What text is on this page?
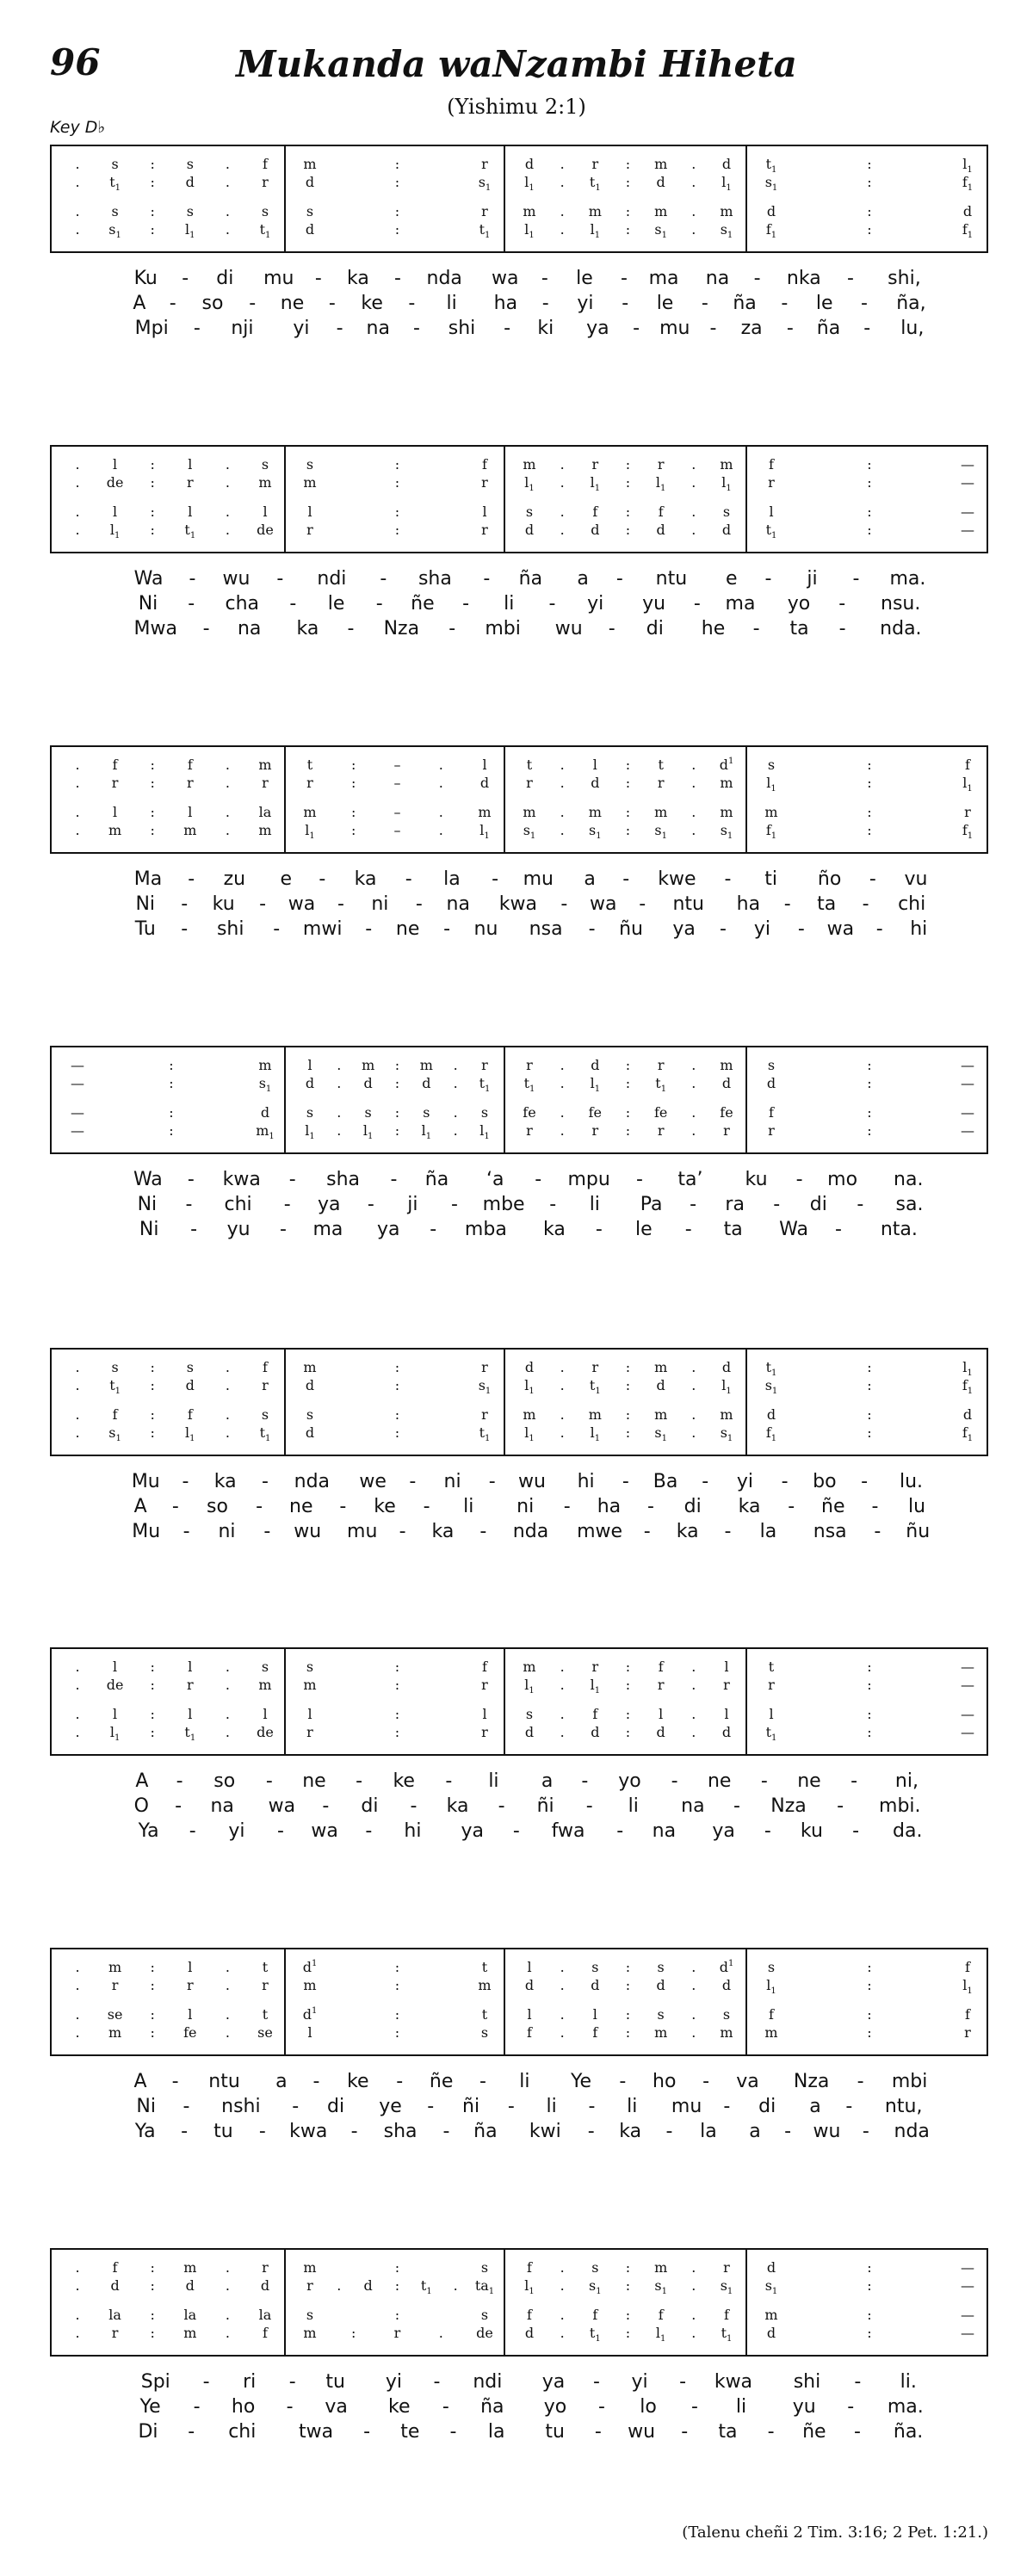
96	Mukanda waNzambi Hiheta
(Yishimu 2:1)
Key D♭
.	s	:	s	.	f	m	:	r	d	.	r	:	m	.	d	$t_1$	:	$l_1$
.	$t_1$	:	d	.	r	d	:	$s_1$	$l_1$	.	$t_1$	:	d	.	$l_1$	$s_1$	:	$f_1$
.	s	:	s	.	s	s	:	r	m	.	m	:	m	.	m	d	:	d
.	$s_1$	:	$l_1$	.	$t_1$	d	:	$t_1$	$l_1$	.	$l_1$	:	$s_1$	.	$s_1$	$f_1$	:	$f_1$
Ku - di mu - ka - nda wa - le - ma na - nka - shi,
A - so - ne - ke - li ha - yi - le - ña - le - ña,
Mpi - nji yi - na - shi - ki ya - mu - za - ña - lu,
.	l	:	l	.	s	s	:	f	m	.	r	:	r	.	m	f	:	—
.	de	:	r	.	m	m	:	r	$l_1$	.	$l_1$	:	$l_1$	.	$l_1$	r	:	—
.	l	:	l	.	l	l	:	l	s	.	f	:	f	.	s	l	:	—
.	$l_1$	:	$t_1$	.	de	r	:	r	d	.	d	:	d	.	d	$t_1$	:	—
Wa - wu - ndi - sha - ña a - ntu e - ji - ma.
Ni - cha - le - ñe - li - yi yu - ma yo - nsu.
Mwa - na ka - Nza - mbi wu - di he - ta - nda.
.	f	:	f	.	m	t	:	–	.	l	t	.	l	:	t	.	$d^1$	s	:	f
.	r	:	r	.	r	r	:	–	.	d	r	.	d	:	r	.	m	$l_1$	:	$l_1$
.	l	:	l	.	la	m	:	–	.	m	m	.	m	:	m	.	m	m	:	r
.	m	:	m	.	m	$l_1$	:	–	.	$l_1$	$s_1$	.	$s_1$	:	$s_1$	.	$s_1$	$f_1$	:	$f_1$
Ma - zu e - ka - la - mu a - kwe - ti ño - vu
Ni - ku - wa - ni - na kwa - wa - ntu ha - ta - chi
Tu - shi - mwi - ne - nu nsa - ñu ya - yi - wa - hi
—	:	m	l	.	m	:	m	.	r	r	.	d	:	r	.	m	s	:	—
—	:	$s_1$	d	.	d	:	d	.	$t_1$	$t_1$	.	$l_1$	:	$t_1$	.	d	d	:	—
—	:	d	s	.	s	:	s	.	s	fe	.	fe	:	fe	.	fe	f	:	—
—	:	$m_1$	$l_1$	.	$l_1$	:	$l_1$	.	$l_1$	r	.	r	:	r	.	r	r	:	—
Wa - kwa - sha - ña ‘a - mpu - ta’ ku - mo na.
Ni - chi - ya - ji - mbe - li Pa - ra - di - sa.
Ni - yu - ma ya - mba ka - le - ta Wa - nta.
.	s	:	s	.	f	m	:	r	d	.	r	:	m	.	d	$t_1$	:	$l_1$
.	$t_1$	:	d	.	r	d	:	$s_1$	$l_1$	.	$t_1$	:	d	.	$l_1$	$s_1$	:	$f_1$
.	f	:	f	.	s	s	:	r	m	.	m	:	m	.	m	d	:	d
.	$s_1$	:	$l_1$	.	$t_1$	d	:	$t_1$	$l_1$	.	$l_1$	:	$s_1$	.	$s_1$	$f_1$	:	$f_1$
Mu - ka - nda we - ni - wu hi - Ba - yi - bo - lu.
A - so - ne - ke - li ni - ha - di ka - ñe - lu
Mu - ni - wu mu - ka - nda mwe - ka - la nsa - ñu
.	l	:	l	.	s	s	:	f	m	.	r	:	f	.	l	t	:	—
.	de	:	r	.	m	m	:	r	$l_1$	.	$l_1$	:	r	.	r	r	:	—
.	l	:	l	.	l	l	:	l	s	.	f	:	l	.	l	l	:	—
.	$l_1$	:	$t_1$	.	de	r	:	r	d	.	d	:	d	.	d	$t_1$	:	—
A - so - ne - ke - li a - yo - ne - ne - ni,
O - na wa - di - ka - ñi - li na - Nza - mbi.
Ya - yi - wa - hi ya - fwa - na ya - ku - da.
.	m	:	l	.	t	$d^1$	:	t	l	.	s	:	s	.	$d^1$	s	:	f
.	r	:	r	.	r	m	:	m	d	.	d	:	d	.	d	$l_1$	:	$l_1$
.	se	:	l	.	t	$d^1$	:	t	l	.	l	:	s	.	s	f	:	f
.	m	:	fe	.	se	l	:	s	f	.	f	:	m	.	m	m	:	r
A - ntu a - ke - ñe - li Ye - ho - va Nza - mbi
Ni - nshi - di ye - ñi - li - li mu - di a - ntu,
Ya - tu - kwa - sha - ña kwi - ka - la a - wu - nda
.	f	:	m	.	r	m	:	s	f	.	s	:	m	.	r	d	:	—
.	d	:	d	.	d	r	.	d	:	$t_1$	.	$ta_1$	$l_1$	.	$s_1$	:	$s_1$	.	$s_1$	$s_1$	:	—
.	la	:	la	.	la	s	:	s	f	.	f	:	f	.	f	m	:	—
.	r	:	m	.	f	m	:	r	.	de	d	.	$t_1$	:	$l_1$	.	$t_1$	d	:	—
Spi - ri - tu yi - ndi ya - yi - kwa shi - li.
Ye - ho - va ke - ña yo - lo - li yu - ma.
Di - chi twa - te - la tu - wu - ta - ñe - ña.
(Talenu cheñi 2 Tim. 3:16; 2 Pet. 1:21.)
